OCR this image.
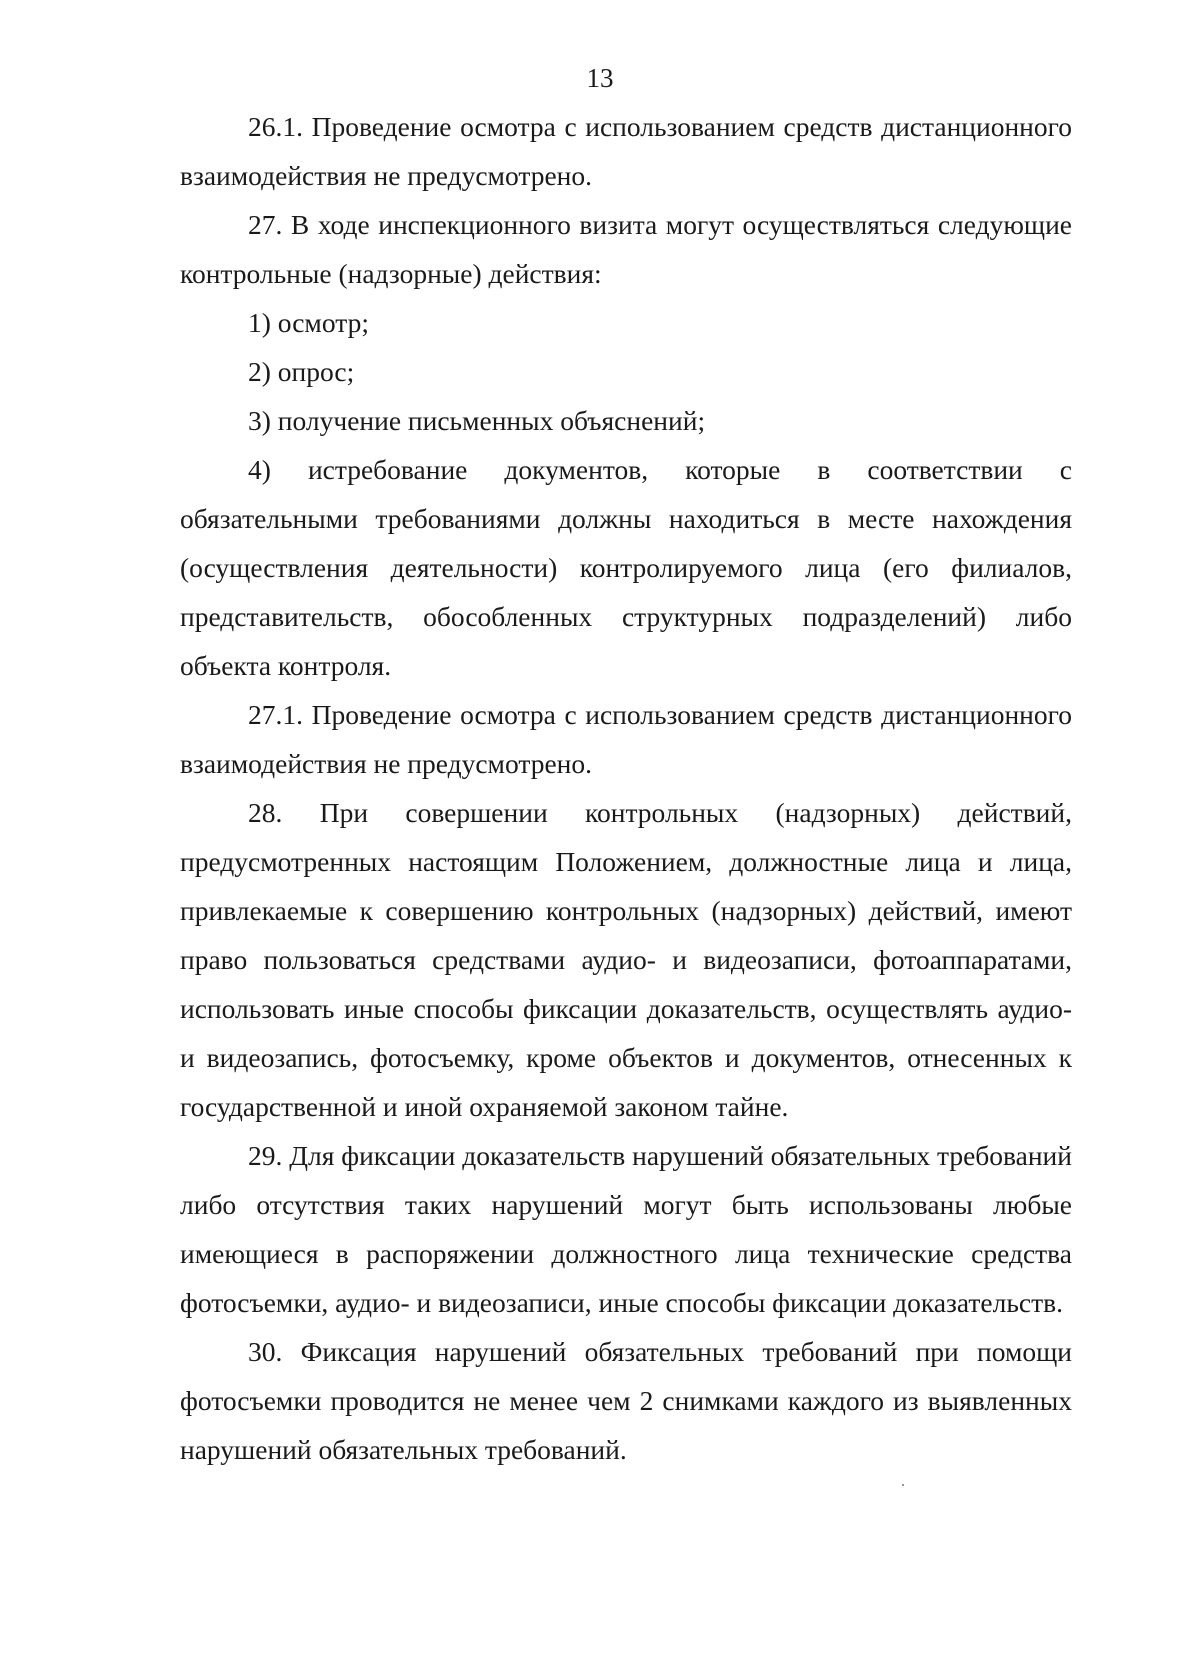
13

26.1. Проведение осмотра с использованием средств дистанционного взаимодействия не предусмотрено.

27. В ходе инспекционного визита могут осуществляться следующие контрольные (надзорные) действия:

1) осмотр;

2) опрос;

3) получение письменных объяснений;

4) истребование документов, которые в соответствии с обязательными требованиями должны находиться в месте нахождения (осуществления деятельности) контролируемого лица (его филиалов, представительств, обособленных структурных подразделений) либо объекта контроля.

27.1. Проведение осмотра с использованием средств дистанционного взаимодействия не предусмотрено.

28. При совершении контрольных (надзорных) действий, предусмотренных настоящим Положением, должностные лица и лица, привлекаемые к совершению контрольных (надзорных) действий, имеют право пользоваться средствами аудио- и видеозаписи, фотоаппаратами, использовать иные способы фиксации доказательств, осуществлять аудио- и видеозапись, фотосъемку, кроме объектов и документов, отнесенных к государственной и иной охраняемой законом тайне.

29. Для фиксации доказательств нарушений обязательных требований либо отсутствия таких нарушений могут быть использованы любые имеющиеся в распоряжении должностного лица технические средства фотосъемки, аудио- и видеозаписи, иные способы фиксации доказательств.

30. Фиксация нарушений обязательных требований при помощи фотосъемки проводится не менее чем 2 снимками каждого из выявленных нарушений обязательных требований.
